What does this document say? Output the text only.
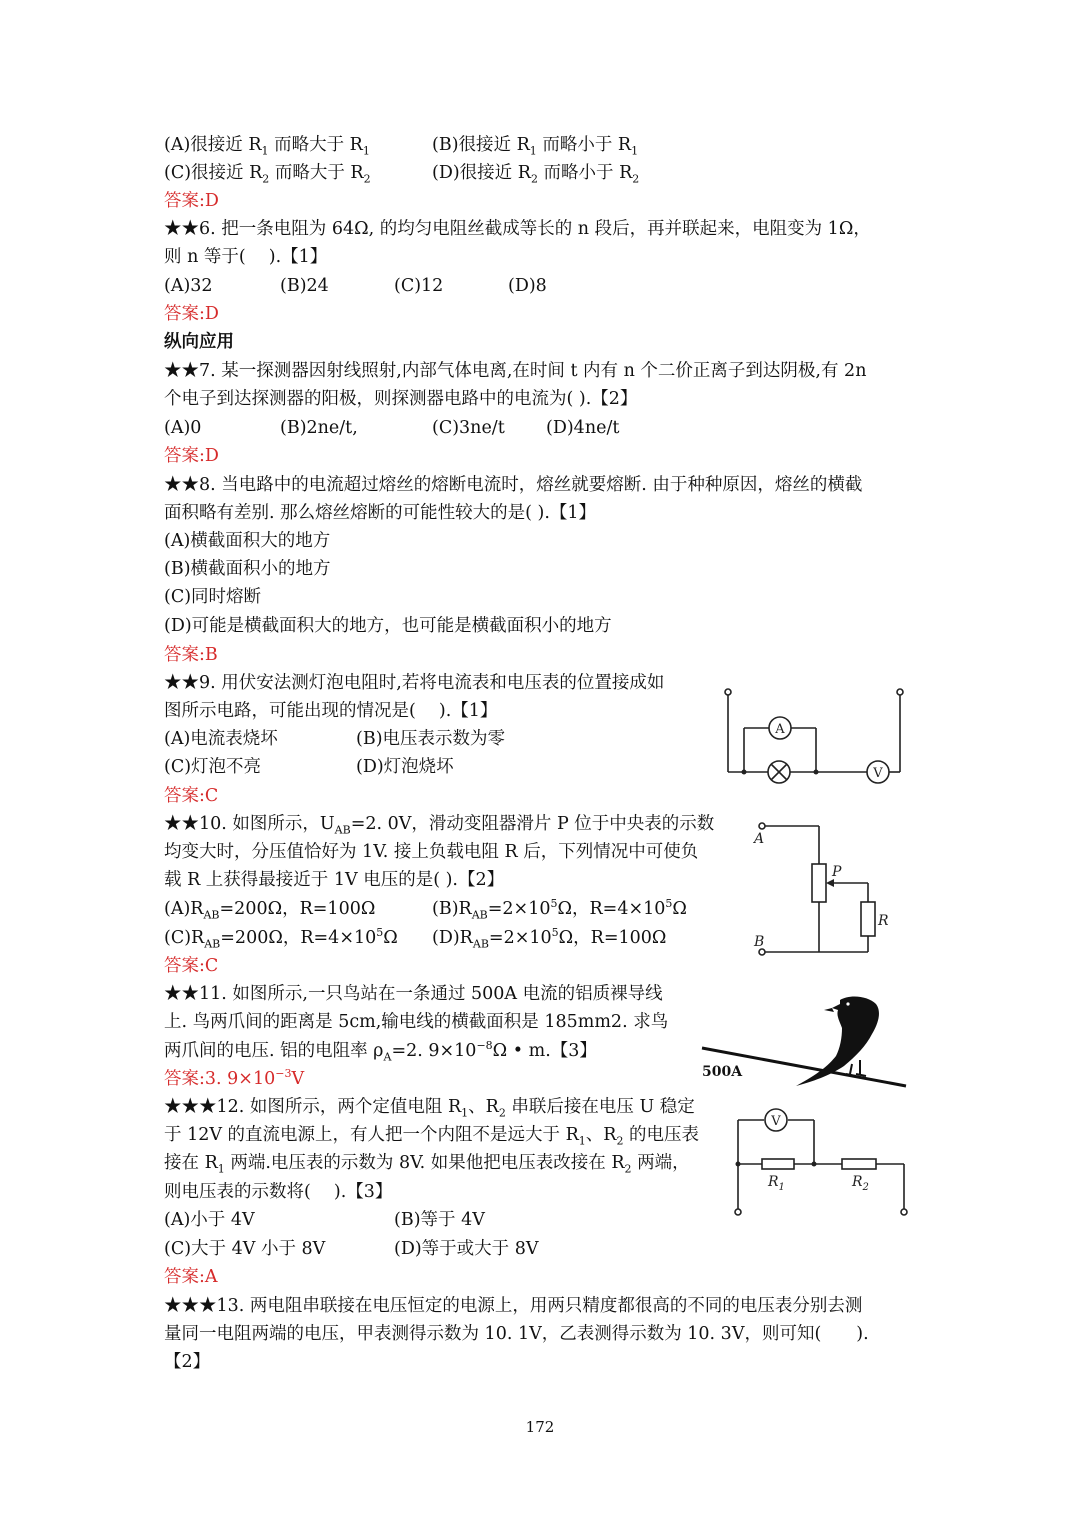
(A)很接近 $R_1$ 而略大于 $R_1$	(B)很接近 $R_1$ 而略小于 $R_1$
(C)很接近 $R_2$ 而略大于 $R_2$	(D)很接近 $R_2$ 而略小于 $R_2$
答案:D
★★6. 把一条电阻为 64Ω, 的均匀电阻丝截成等长的 n 段后，再并联起来，电阻变为 1Ω，
则 n 等于(　 ).【1】
(A)32	(B)24	(C)12	(D)8
答案:D
纵向应用
★★7. 某一探测器因射线照射,内部气体电离,在时间 t 内有 n 个二价正离子到达阴极,有 2n
个电子到达探测器的阳极，则探测器电路中的电流为( ).【2】
(A)0	(B)2ne/t,	(C)3ne/t (D)4ne/t
答案:D
★★8. 当电路中的电流超过熔丝的熔断电流时，熔丝就要熔断. 由于种种原因，熔丝的横截
面积略有差别. 那么熔丝熔断的可能性较大的是( ).【1】
(A)横截面积大的地方
(B)横截面积小的地方
(C)同时熔断
(D)可能是横截面积大的地方，也可能是横截面积小的地方
答案:B
★★9. 用伏安法测灯泡电阻时,若将电流表和电压表的位置接成如
图所示电路，可能出现的情况是(　 ).【1】
(A)电流表烧坏	(B)电压表示数为零
(C)灯泡不亮	(D)灯泡烧坏
答案:C
A
V
★★10. 如图所示，$U_{AB}=2$. 0V，滑动变阻器滑片 P 位于中央表的示数
均变大时，分压值恰好为 1V. 接上负载电阻 R 后，下列情况中可使负
载 R 上获得最接近于 1V 电压的是( ).【2】
$(A)R_{AB}=200\Omega$，R=100Ω	$(B)R_{AB}=2\times 10^5\Omega$，$R=4\times 10^5\Omega$
$(C)R_{AB}=200\Omega$，$R=4\times 10^5\Omega$ $(D)R_{AB}=2\times 10^5\Omega$，R=100Ω
答案:C
A
B
P
R
★★11. 如图所示,一只鸟站在一条通过 500A 电流的铝质裸导线
上. 鸟两爪间的距离是 5cm,输电线的横截面积是 185mm2. 求鸟
两爪间的电压. 铝的电阻率 $\rho_A=2$. $9\times 10^{-8}\Omega$ • m.【3】
答案:3. $9\times 10^{-3}V$	500A
★★★12. 如图所示，两个定值电阻 $R_1$、$R_2$ 串联后接在电压 U 稳定
于 12V 的直流电源上，有人把一个内阻不是远大于 $R_1$、$R_2$ 的电压表
接在 $R_1$ 两端.电压表的示数为 8V. 如果他把电压表改接在 $R_2$ 两端，
则电压表的示数将(　 ).【3】
(A)小于 4V	(B)等于 4V
(C)大于 4V 小于 8V	(D)等于或大于 8V
答案:A
V
$R_1$	$R_2$
★★★13. 两电阻串联接在电压恒定的电源上，用两只精度都很高的不同的电压表分别去测
量同一电阻两端的电压，甲表测得示数为 10. 1V，乙表测得示数为 10. 3V，则可知(　　).
【2】
172
